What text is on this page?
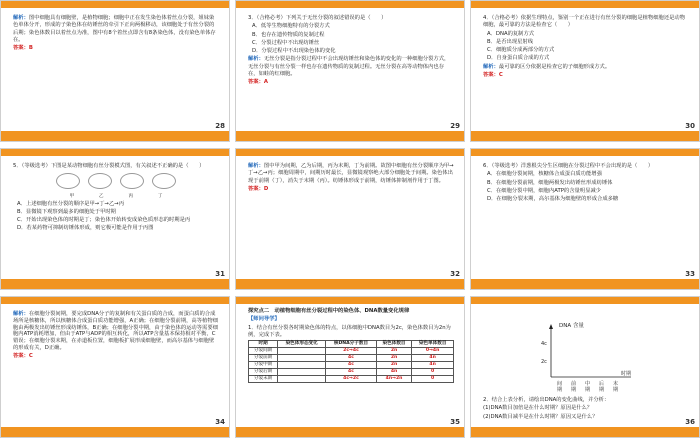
解析：图中细胞具有细胞壁，是植物细胞；细胞中正在发生染色体着丝点分裂，姐妹染色单体分开，形成的子染色体在纺锤丝的牵引下正向两极移动，该细胞处于有丝分裂的后期；染色体数目以着丝点为准，图中有8个着丝点即含有8条染色体，没有染色单体存在。

答案：B

28

3．（合格必考）下列关于无丝分裂的叙述错误的是（　　）

A．低等生物细胞特有的分裂方式

B．也存在遗传物质的复制过程

C．分裂过程中不出现纺锤丝

D．分裂过程中不出现染色体的变化

解析：无丝分裂是指分裂过程中不会出现纺锤丝和染色体的变化的一种细胞分裂方式，无丝分裂与有丝分裂一样也存在遗传物质的复制过程。无丝分裂在高等动物体内也存在，如蛙的红细胞。

答案：A

29

4．（合格必考）依据生理特点，鉴别一个正在进行有丝分裂的细胞是植物细胞还是动物细胞，最可靠的方法是检查它（　　）

A．DNA的复制方式

B．是否出现星射线

C．细胞质分成两部分的方式

D．自身蛋白质合成的方式

解析：最可靠的区分依据是检查它的子细胞形成方式。

答案：C

30

5．（等级选考）下图是某动物细胞有丝分裂模式图，有关叙述不正确的是（　　）

甲	乙	丙	丁

A．上述细胞有丝分裂的顺序是甲→丁→乙→丙

B．显微镜下观察到最多的细胞处于甲时期

C．开始出现染色体的时期是丁；染色体开始转变成染色质形态的时期是丙

D．若某药物可抑制纺锤体形成，则它极可能是作用于丙图

31

解析：图中甲为间期，乙为后期，丙为末期，丁为前期。故图中细胞有丝分裂顺序为甲→丁→乙→丙；细胞周期中，间期历时最长，显微镜观察绝大部分细胞处于间期。染色体出现于前期（丁），消失于末期（丙）。纺锤体形成于前期，纺锤体抑制剂作用于丁图。

答案：D

32

6．（等级选考）洋葱根尖分生区细胞在分裂过程中不会出现的是（　　）

A．在细胞分裂间期，核糖体合成蛋白质功能增强

B．在细胞分裂前期，细胞两极发出纺锤丝形成纺锤体

C．在细胞分裂中期，细胞内ATP的含量明显减少

D．在细胞分裂末期，高尔基体为细胞壁的形成合成多糖

33

解析：在细胞分裂间期，要完成DNA分子的复制和有关蛋白质的合成，而蛋白质的合成场所是核糖体，所以核糖体合成蛋白质功能增强，A正确；在细胞分裂前期，高等植物细胞由两极发出纺锤丝形成纺锤体，B正确；在细胞分裂中期，由于染色体的运动等需要细胞内ATP消耗增加，但由于ATP与ADP的相互转化，所以ATP含量基本保持相对平衡，C错误；在细胞分裂末期，在赤道板位置，细胞板扩展形成细胞壁，而高尔基体与细胞壁的形成有关，D正确。

答案：C

34

探究点二　动植物细胞有丝分裂过程中的染色体、DNA数量变化规律

【师问导学】

1．结合有丝分裂各时期染色体的特点，以体细胞中DNA数目为2c，染色体数目为2n为例，完成下表。

时期	染色体形态变化	核DNA分子数目	染色体数目	染色单体数目
分裂间期		2c→4c	2n	0→4n
分裂前期		4c	2n	4n
分裂中期		4c	2n	4n
分裂后期		4c	4n	0
分裂末期		4c→2c	4n→2n	0
35
DNA 含量
4c
2c
间 前 中 后 末
期 期 期 期 期
时期

2．结合上表分析，请绘出DNA的变化曲线，并分析：

(1)DNA数目加倍是在什么时期？原因是什么？

(2)DNA数目减半是在什么时期？原因又是什么？

36
